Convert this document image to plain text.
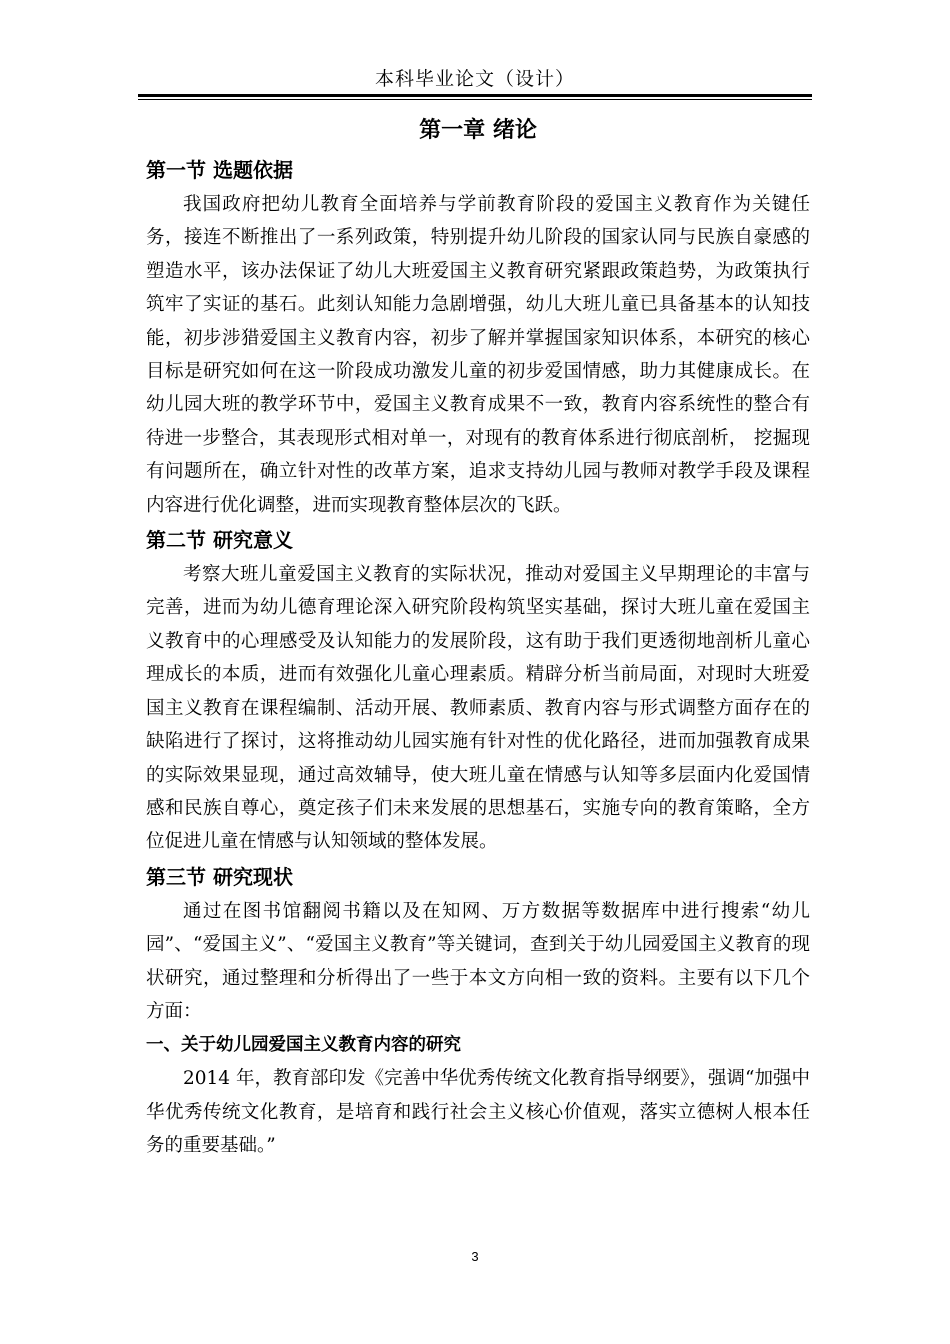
本科毕业论文（设计）
第一章 绪论
第一节 选题依据

我国政府把幼儿教育全面培养与学前教育阶段的爱国主义教育作为关键任务，接连不断推出了一系列政策，特别提升幼儿阶段的国家认同与民族自豪感的塑造水平，该办法保证了幼儿大班爱国主义教育研究紧跟政策趋势，为政策执行筑牢了实证的基石。此刻认知能力急剧增强，幼儿大班儿童已具备基本的认知技能，初步涉猎爱国主义教育内容，初步了解并掌握国家知识体系，本研究的核心目标是研究如何在这一阶段成功激发儿童的初步爱国情感，助力其健康成长。在幼儿园大班的教学环节中，爱国主义教育成果不一致，教育内容系统性的整合有待进一步整合，其表现形式相对单一，对现有的教育体系进行彻底剖析， 挖掘现有问题所在，确立针对性的改革方案，追求支持幼儿园与教师对教学手段及课程内容进行优化调整，进而实现教育整体层次的飞跃。

第二节 研究意义

考察大班儿童爱国主义教育的实际状况，推动对爱国主义早期理论的丰富与完善，进而为幼儿德育理论深入研究阶段构筑坚实基础，探讨大班儿童在爱国主义教育中的心理感受及认知能力的发展阶段，这有助于我们更透彻地剖析儿童心理成长的本质，进而有效强化儿童心理素质。精辟分析当前局面，对现时大班爱国主义教育在课程编制、活动开展、教师素质、教育内容与形式调整方面存在的缺陷进行了探讨，这将推动幼儿园实施有针对性的优化路径，进而加强教育成果的实际效果显现，通过高效辅导，使大班儿童在情感与认知等多层面内化爱国情感和民族自尊心，奠定孩子们未来发展的思想基石，实施专向的教育策略，全方位促进儿童在情感与认知领域的整体发展。

第三节 研究现状

通过在图书馆翻阅书籍以及在知网、万方数据等数据库中进行搜索“幼儿园”、“爱国主义”、“爱国主义教育”等关键词，查到关于幼儿园爱国主义教育的现状研究，通过整理和分析得出了一些于本文方向相一致的资料。主要有以下几个方面：

一、关于幼儿园爱国主义教育内容的研究

2014 年，教育部印发《完善中华优秀传统文化教育指导纲要》，强调“加强中华优秀传统文化教育，是培育和践行社会主义核心价值观，落实立德树人根本任务的重要基础。”

3
